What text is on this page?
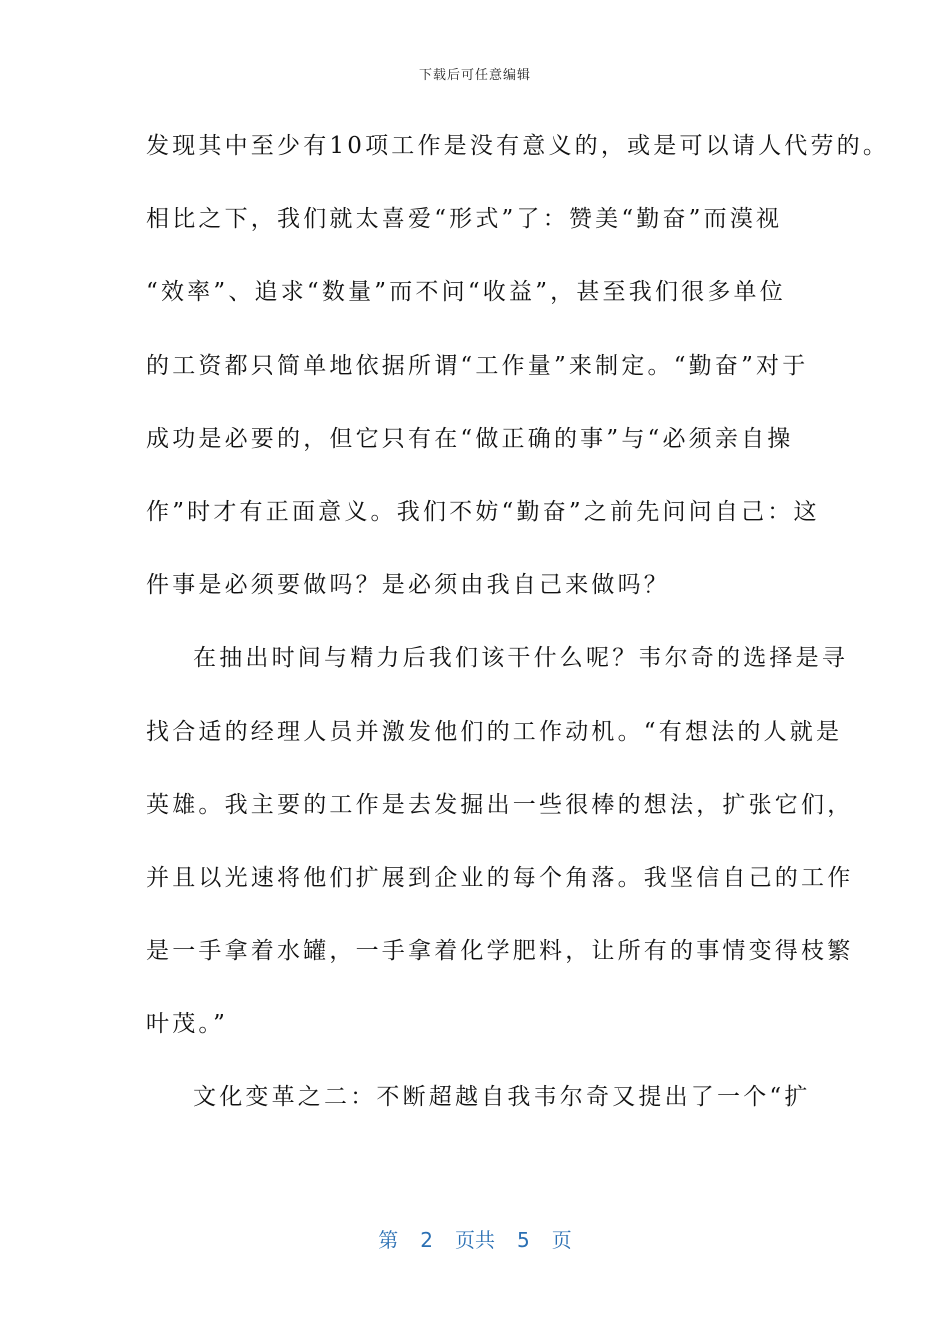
下载后可任意编辑
发现其中至少有10项工作是没有意义的，或是可以请人代劳的。
相比之下，我们就太喜爱“形式”了：赞美“勤奋”而漠视
“效率”、追求“数量”而不问“收益”，甚至我们很多单位
的工资都只简单地依据所谓“工作量”来制定。“勤奋”对于
成功是必要的，但它只有在“做正确的事”与“必须亲自操
作”时才有正面意义。我们不妨“勤奋”之前先问问自己：这
件事是必须要做吗？是必须由我自己来做吗？
在抽出时间与精力后我们该干什么呢？韦尔奇的选择是寻
找合适的经理人员并激发他们的工作动机。“有想法的人就是
英雄。我主要的工作是去发掘出一些很棒的想法，扩张它们，
并且以光速将他们扩展到企业的每个角落。我坚信自己的工作
是一手拿着水罐，一手拿着化学肥料，让所有的事情变得枝繁
叶茂。”
文化变革之二：不断超越自我韦尔奇又提出了一个“扩
第 2 页共 5 页
